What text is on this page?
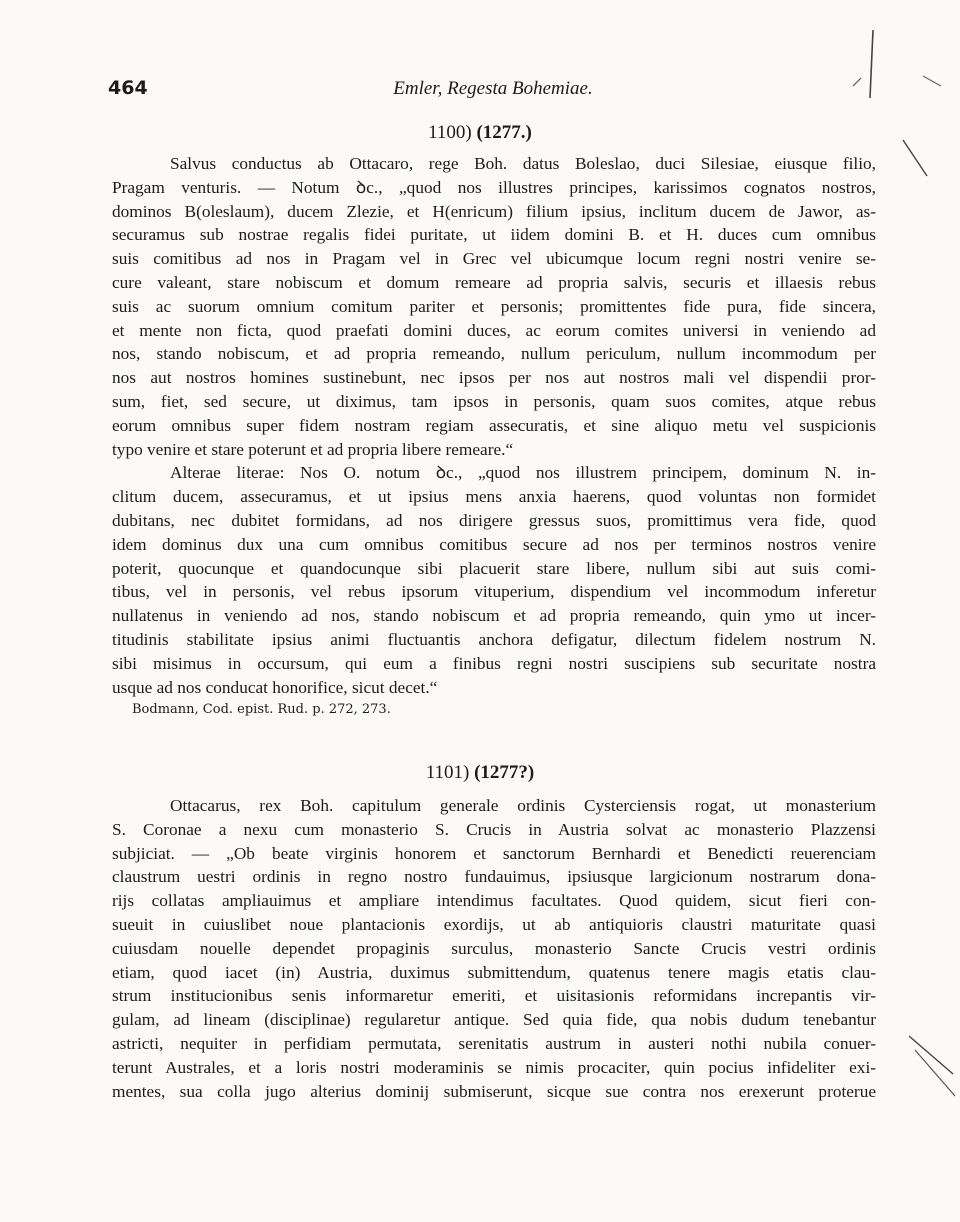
464	Emler, Regesta Bohemiae.
1100) (1277.)
Salvus conductus ab Ottacaro, rege Boh. datus Boleslao, duci Silesiae, eiusque filio,
Pragam venturis. — Notum ꝺc., „quod nos illustres principes, karissimos cognatos nostros,
dominos B(oleslaum), ducem Zlezie, et H(enricum) filium ipsius, inclitum ducem de Jawor, as-
securamus sub nostrae regalis fidei puritate, ut iidem domini B. et H. duces cum omnibus
suis comitibus ad nos in Pragam vel in Grec vel ubicumque locum regni nostri venire se-
cure valeant, stare nobiscum et domum remeare ad propria salvis, securis et illaesis rebus
suis ac suorum omnium comitum pariter et personis; promittentes fide pura, fide sincera,
et mente non ficta, quod praefati domini duces, ac eorum comites universi in veniendo ad
nos, stando nobiscum, et ad propria remeando, nullum periculum, nullum incommodum per
nos aut nostros homines sustinebunt, nec ipsos per nos aut nostros mali vel dispendii pror-
sum, fiet, sed secure, ut diximus, tam ipsos in personis, quam suos comites, atque rebus
eorum omnibus super fidem nostram regiam assecuratis, et sine aliquo metu vel suspicionis
typo venire et stare poterunt et ad propria libere remeare.“
Alterae literae: Nos O. notum ꝺc., „quod nos illustrem principem, dominum N. in-
clitum ducem, assecuramus, et ut ipsius mens anxia haerens, quod voluntas non formidet
dubitans, nec dubitet formidans, ad nos dirigere gressus suos, promittimus vera fide, quod
idem dominus dux una cum omnibus comitibus secure ad nos per terminos nostros venire
poterit, quocunque et quandocunque sibi placuerit stare libere, nullum sibi aut suis comi-
tibus, vel in personis, vel rebus ipsorum vituperium, dispendium vel incommodum inferetur
nullatenus in veniendo ad nos, stando nobiscum et ad propria remeando, quin ymo ut incer-
titudinis stabilitate ipsius animi fluctuantis anchora defigatur, dilectum fidelem nostrum N.
sibi misimus in occursum, qui eum a finibus regni nostri suscipiens sub securitate nostra
usque ad nos conducat honorifice, sicut decet.“
Bodmann, Cod. epist. Rud. p. 272, 273.
1101) (1277?)
Ottacarus, rex Boh. capitulum generale ordinis Cysterciensis rogat, ut monasterium
S. Coronae a nexu cum monasterio S. Crucis in Austria solvat ac monasterio Plazzensi
subjiciat. — „Ob beate virginis honorem et sanctorum Bernhardi et Benedicti reuerenciam
claustrum uestri ordinis in regno nostro fundauimus, ipsiusque largicionum nostrarum dona-
rijs collatas ampliauimus et ampliare intendimus facultates. Quod quidem, sicut fieri con-
sueuit in cuiuslibet noue plantacionis exordijs, ut ab antiquioris claustri maturitate quasi
cuiusdam nouelle dependet propaginis surculus, monasterio Sancte Crucis vestri ordinis
etiam, quod iacet (in) Austria, duximus submittendum, quatenus tenere magis etatis clau-
strum institucionibus senis informaretur emeriti, et uisitasionis reformidans increpantis vir-
gulam, ad lineam (disciplinae) regularetur antique. Sed quia fide, qua nobis dudum tenebantur
astricti, nequiter in perfidiam permutata, serenitatis austrum in austeri nothi nubila conuer-
terunt Australes, et a loris nostri moderaminis se nimis procaciter, quin pocius infideliter exi-
mentes, sua colla jugo alterius dominij submiserunt, sicque sue contra nos erexerunt proterue
